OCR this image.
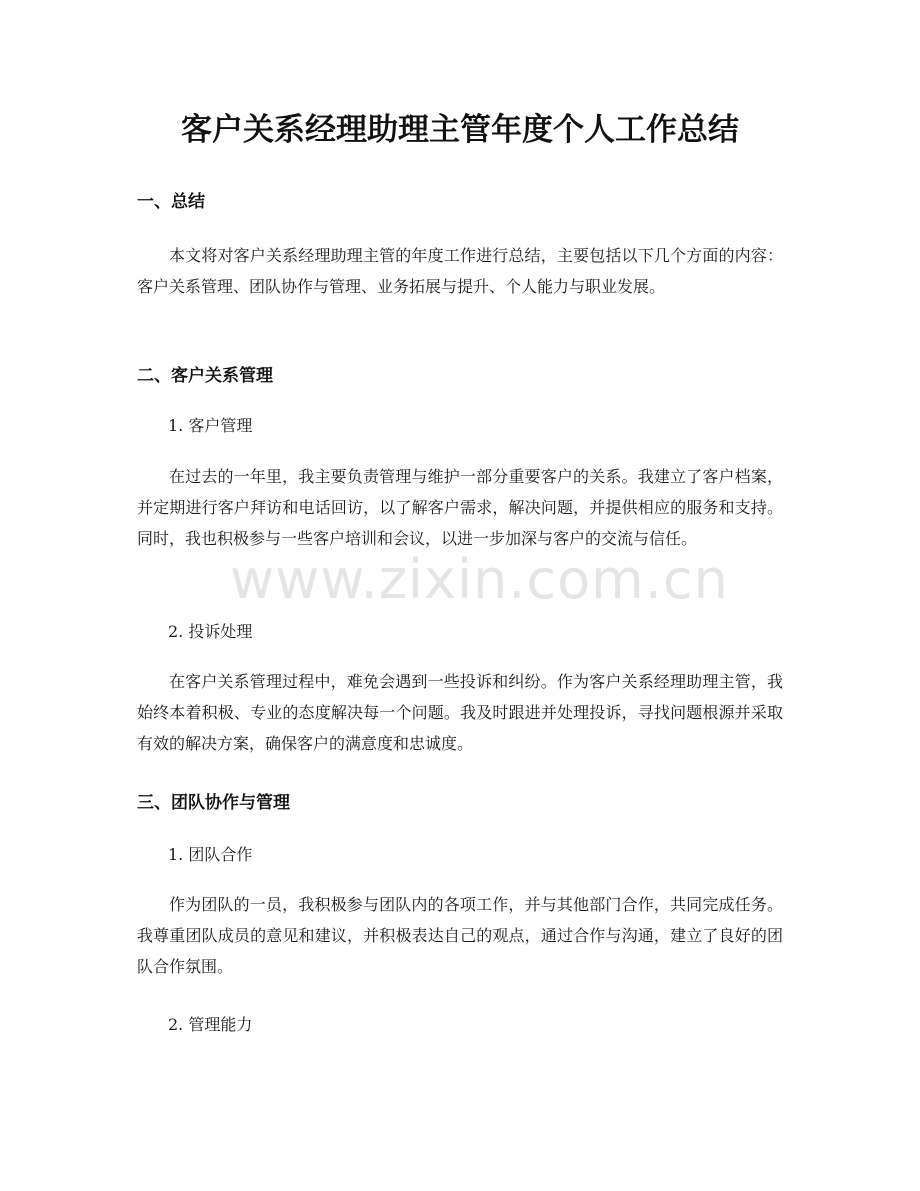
客户关系经理助理主管年度个人工作总结
一、总结

本文将对客户关系经理助理主管的年度工作进行总结，主要包括以下几个方面的内容：客户关系管理、团队协作与管理、业务拓展与提升、个人能力与职业发展。

二、客户关系管理

1. 客户管理

在过去的一年里，我主要负责管理与维护一部分重要客户的关系。我建立了客户档案，并定期进行客户拜访和电话回访，以了解客户需求，解决问题，并提供相应的服务和支持。同时，我也积极参与一些客户培训和会议，以进一步加深与客户的交流与信任。

2. 投诉处理

在客户关系管理过程中，难免会遇到一些投诉和纠纷。作为客户关系经理助理主管，我始终本着积极、专业的态度解决每一个问题。我及时跟进并处理投诉，寻找问题根源并采取有效的解决方案，确保客户的满意度和忠诚度。

三、团队协作与管理

1. 团队合作

作为团队的一员，我积极参与团队内的各项工作，并与其他部门合作，共同完成任务。我尊重团队成员的意见和建议，并积极表达自己的观点，通过合作与沟通，建立了良好的团队合作氛围。

2. 管理能力

www.zixin.com.cn
